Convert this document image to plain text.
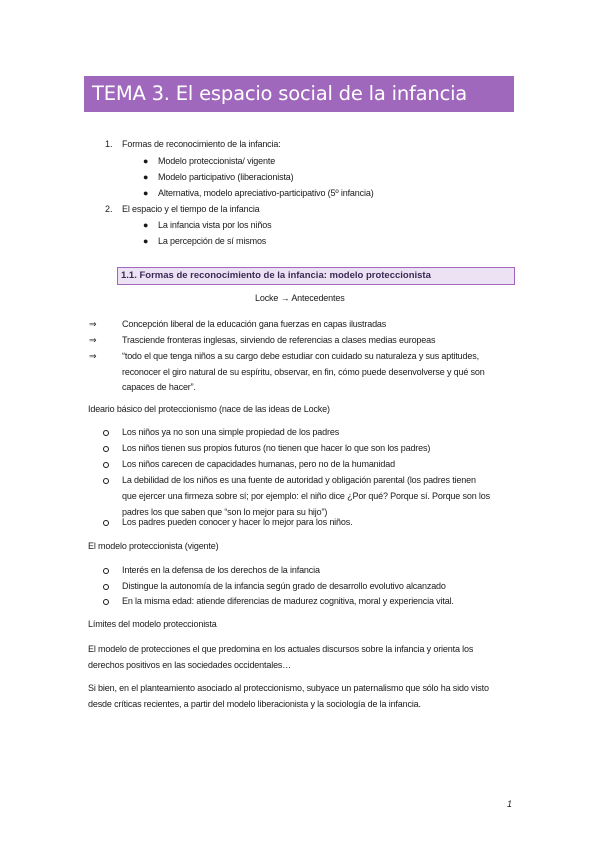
TEMA 3. El espacio social de la infancia
1. Formas de reconocimiento de la infancia:
● Modelo proteccionista/ vigente
● Modelo participativo (liberacionista)
● Alternativa, modelo apreciativo-participativo (5º infancia)
2. El espacio y el tiempo de la infancia
● La infancia vista por los niños
● La percepción de sí mismos
1.1. Formas de reconocimiento de la infancia: modelo proteccionista
Locke → Antecedentes
⇒	Concepción liberal de la educación gana fuerzas en capas ilustradas
⇒	Trasciende fronteras inglesas, sirviendo de referencias a clases medias europeas
⇒	“todo el que tenga niños a su cargo debe estudiar con cuidado su naturaleza y sus aptitudes,
reconocer el giro natural de su espíritu, observar, en fin, cómo puede desenvolverse y qué son
capaces de hacer”.
Ideario básico del proteccionismo (nace de las ideas de Locke)
Los niños ya no son una simple propiedad de los padres
Los niños tienen sus propios futuros (no tienen que hacer lo que son los padres)
Los niños carecen de capacidades humanas, pero no de la humanidad
La debilidad de los niños es una fuente de autoridad y obligación parental (los padres tienen
que ejercer una firmeza sobre sí; por ejemplo: el niño dice ¿Por qué? Porque sí. Porque son los
padres los que saben que “son lo mejor para su hijo”)
Los padres pueden conocer y hacer lo mejor para los niños.
El modelo proteccionista (vigente)
Interés en la defensa de los derechos de la infancia
Distingue la autonomía de la infancia según grado de desarrollo evolutivo alcanzado
En la misma edad: atiende diferencias de madurez cognitiva, moral y experiencia vital.
Límites del modelo proteccionista
El modelo de protecciones el que predomina en los actuales discursos sobre la infancia y orienta los
derechos positivos en las sociedades occidentales…
Si bien, en el planteamiento asociado al proteccionismo, subyace un paternalismo que sólo ha sido visto
desde críticas recientes, a partir del modelo liberacionista y la sociología de la infancia.
1
